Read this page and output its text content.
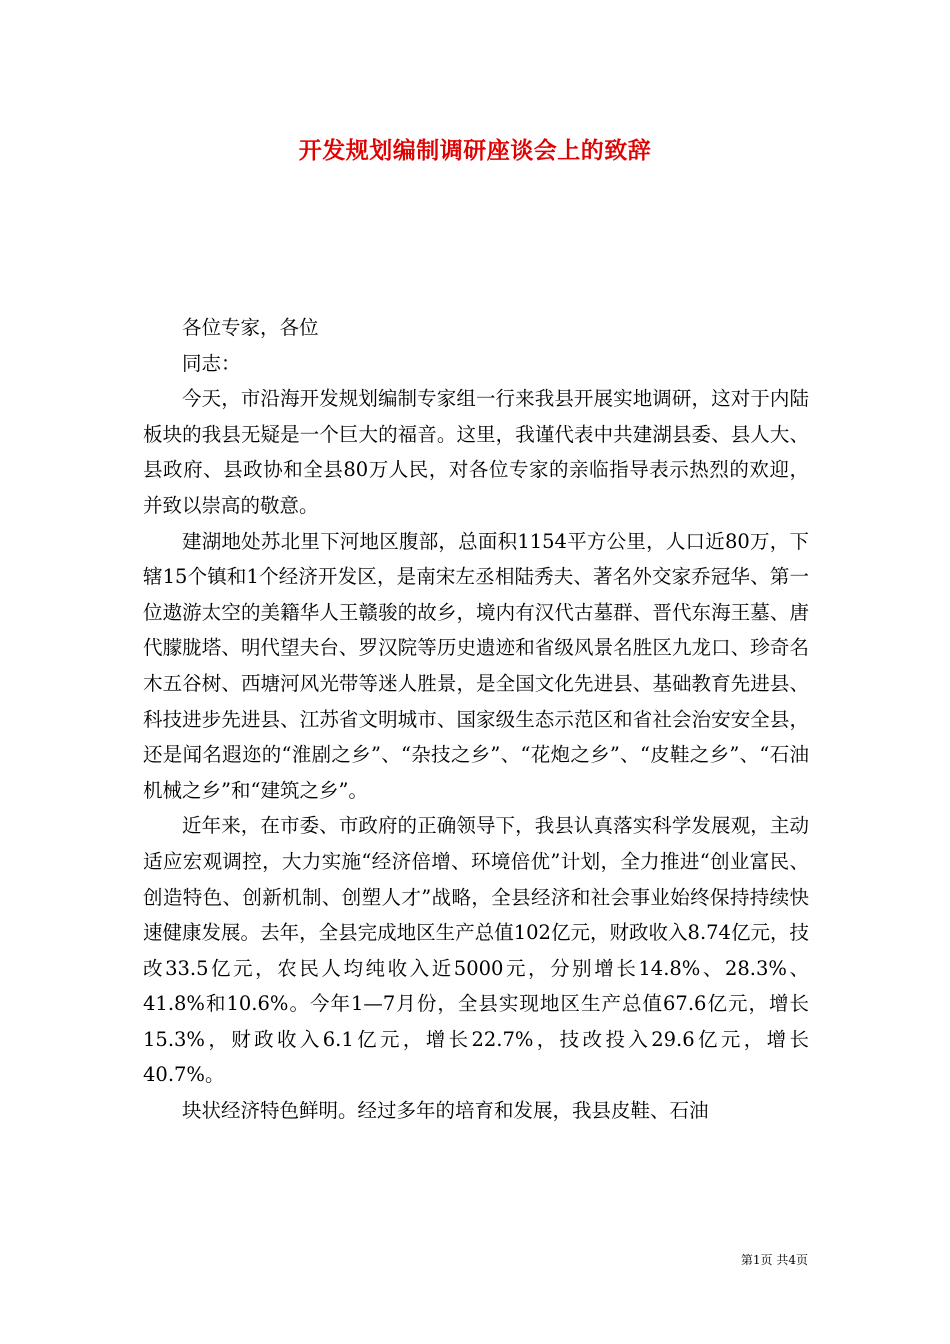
开发规划编制调研座谈会上的致辞

各位专家，各位

同志：

今天，市沿海开发规划编制专家组一行来我县开展实地调研，这对于内陆板块的我县无疑是一个巨大的福音。这里，我谨代表中共建湖县委、县人大、县政府、县政协和全县80万人民，对各位专家的亲临指导表示热烈的欢迎，并致以崇高的敬意。

建湖地处苏北里下河地区腹部，总面积1154平方公里，人口近80万，下辖15个镇和1个经济开发区，是南宋左丞相陆秀夫、著名外交家乔冠华、第一位遨游太空的美籍华人王赣骏的故乡，境内有汉代古墓群、晋代东海王墓、唐代朦胧塔、明代望夫台、罗汉院等历史遗迹和省级风景名胜区九龙口、珍奇名木五谷树、西塘河风光带等迷人胜景，是全国文化先进县、基础教育先进县、科技进步先进县、江苏省文明城市、国家级生态示范区和省社会治安安全县，还是闻名遐迩的“淮剧之乡”、“杂技之乡”、“花炮之乡”、“皮鞋之乡”、“石油机械之乡”和“建筑之乡”。

近年来，在市委、市政府的正确领导下，我县认真落实科学发展观，主动适应宏观调控，大力实施“经济倍增、环境倍优”计划，全力推进“创业富民、创造特色、创新机制、创塑人才”战略，全县经济和社会事业始终保持持续快速健康发展。去年，全县完成地区生产总值102亿元，财政收入8.74亿元，技改33.5亿元，农民人均纯收入近5000元，分别增长14.8%、28.3%、41.8%和10.6%。今年1—7月份，全县实现地区生产总值67.6亿元，增长15.3%，财政收入6.1亿元，增长22.7%，技改投入29.6亿元，增长40.7%。

块状经济特色鲜明。经过多年的培育和发展，我县皮鞋、石油

第1页 共4页
